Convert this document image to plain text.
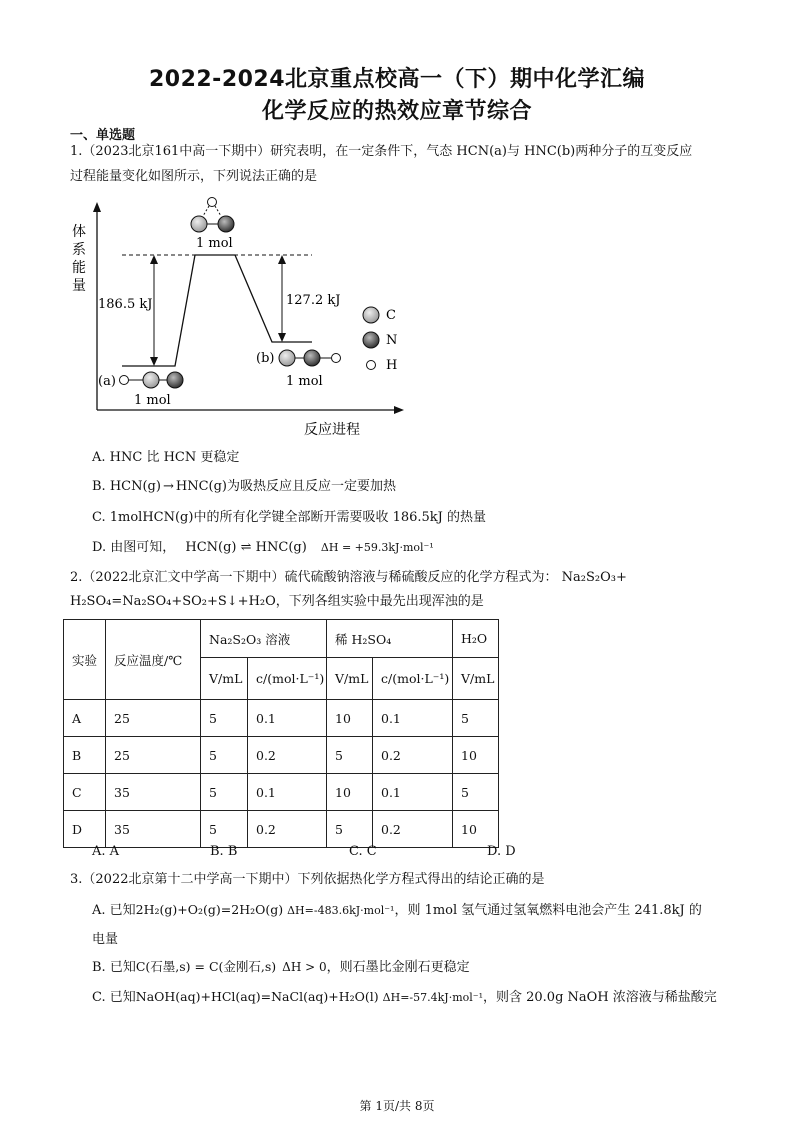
2022-2024北京重点校高一（下）期中化学汇编
化学反应的热效应章节综合
一、单选题
1.（2023北京161中高一下期中）研究表明，在一定条件下，气态 HCN(a)与 HNC(b)两种分子的互变反应
过程能量变化如图所示，下列说法正确的是
体
系
能
量
反应进程
186.5 kJ	127.2 kJ
1 mol
(a)
1 mol
(b)
1 mol
C
N
H
A. HNC 比 HCN 更稳定
B. HCN(g) → HNC(g)为吸热反应且反应一定要加热
C. 1molHCN(g)中的所有化学键全部断开需要吸收 186.5kJ 的热量
D. 由图可知， HCN(g) ⇌ HNC(g) ΔH = +59.3kJ·mol⁻¹
2.（2022北京汇文中学高一下期中）硫代硫酸钠溶液与稀硫酸反应的化学方程式为： Na₂S₂O₃+
H₂SO₄=Na₂SO₄+SO₂+S↓+H₂O，下列各组实验中最先出现浑浊的是
实验	反应温度/℃	Na₂S₂O₃ 溶液		稀 H₂SO₄		H₂O
		V/mL	c/(mol·L⁻¹)	V/mL	c/(mol·L⁻¹)	V/mL
A	25	5	0.1	10	0.1	5
B	25	5	0.2	5	0.2	10
C	35	5	0.1	10	0.1	5
D	35	5	0.2	5	0.2	10
A. A	B. B	C. C	D. D
3.（2022北京第十二中学高一下期中）下列依据热化学方程式得出的结论正确的是
A. 已知2H₂(g)+O₂(g)=2H₂O(g) ΔH=-483.6kJ·mol⁻¹，则 1mol 氢气通过氢氧燃料电池会产生 241.8kJ 的
电量
B. 已知C(石墨,s) = C(金刚石,s) ΔH > 0，则石墨比金刚石更稳定
C. 已知NaOH(aq)+HCl(aq)=NaCl(aq)+H₂O(l) ΔH=-57.4kJ·mol⁻¹，则含 20.0g NaOH 浓溶液与稀盐酸完
第 1页/共 8页
